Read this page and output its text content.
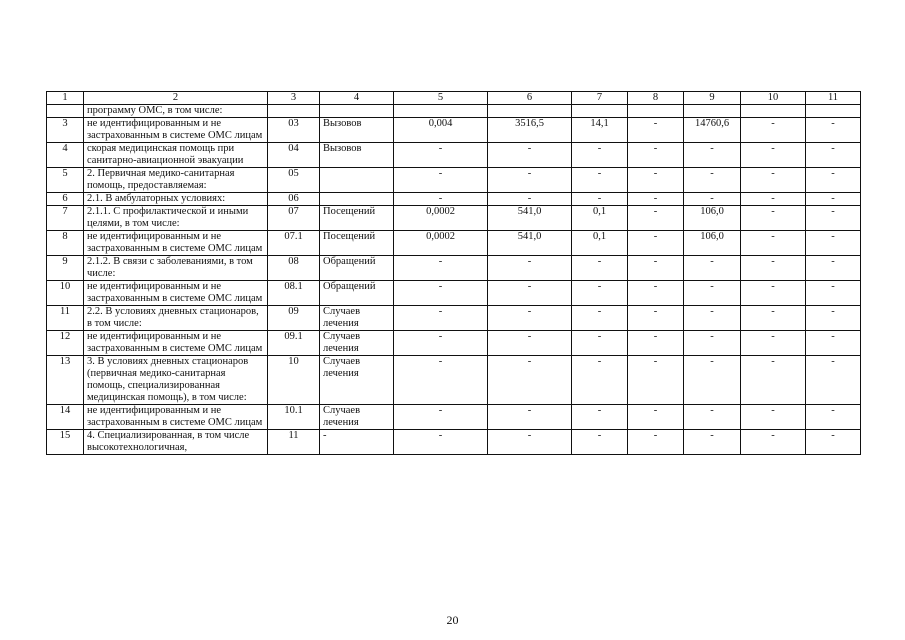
1	2	3	4	5	6	7	8	9	10	11
	программу ОМС, в том числе:									
3	не идентифицированным и не застрахованным в системе ОМС лицам	03	Вызовов	0,004	3516,5	14,1	-	14760,6	-	-
4	скорая медицинская помощь при санитарно-авиационной эвакуации	04	Вызовов	-	-	-	-	-	-	-
5	2. Первичная медико-санитарная помощь, предоставляемая:	05		-	-	-	-	-	-	-
6	2.1. В амбулаторных условиях:	06		-	-	-	-	-	-	-
7	2.1.1. С профилактической и иными целями, в том числе:	07	Посещений	0,0002	541,0	0,1	-	106,0	-	-
8	не идентифицированным и не застрахованным в системе ОМС лицам	07.1	Посещений	0,0002	541,0	0,1	-	106,0	-	-
9	2.1.2. В связи с заболеваниями, в том числе:	08	Обращений	-	-	-	-	-	-	-
10	не идентифицированным и не застрахованным в системе ОМС лицам	08.1	Обращений	-	-	-	-	-	-	-
11	2.2. В условиях дневных стационаров, в том числе:	09	Случаев лечения	-	-	-	-	-	-	-
12	не идентифицированным и не застрахованным в системе ОМС лицам	09.1	Случаев лечения	-	-	-	-	-	-	-
13	3. В условиях дневных стационаров (первичная медико-санитарная помощь, специализированная медицинская помощь), в том числе:	10	Случаев лечения	-	-	-	-	-	-	-
14	не идентифицированным и не застрахованным в системе ОМС лицам	10.1	Случаев лечения	-	-	-	-	-	-	-
15	4. Специализированная, в том числе высокотехнологичная,	11	-	-	-	-	-	-	-	-
20
